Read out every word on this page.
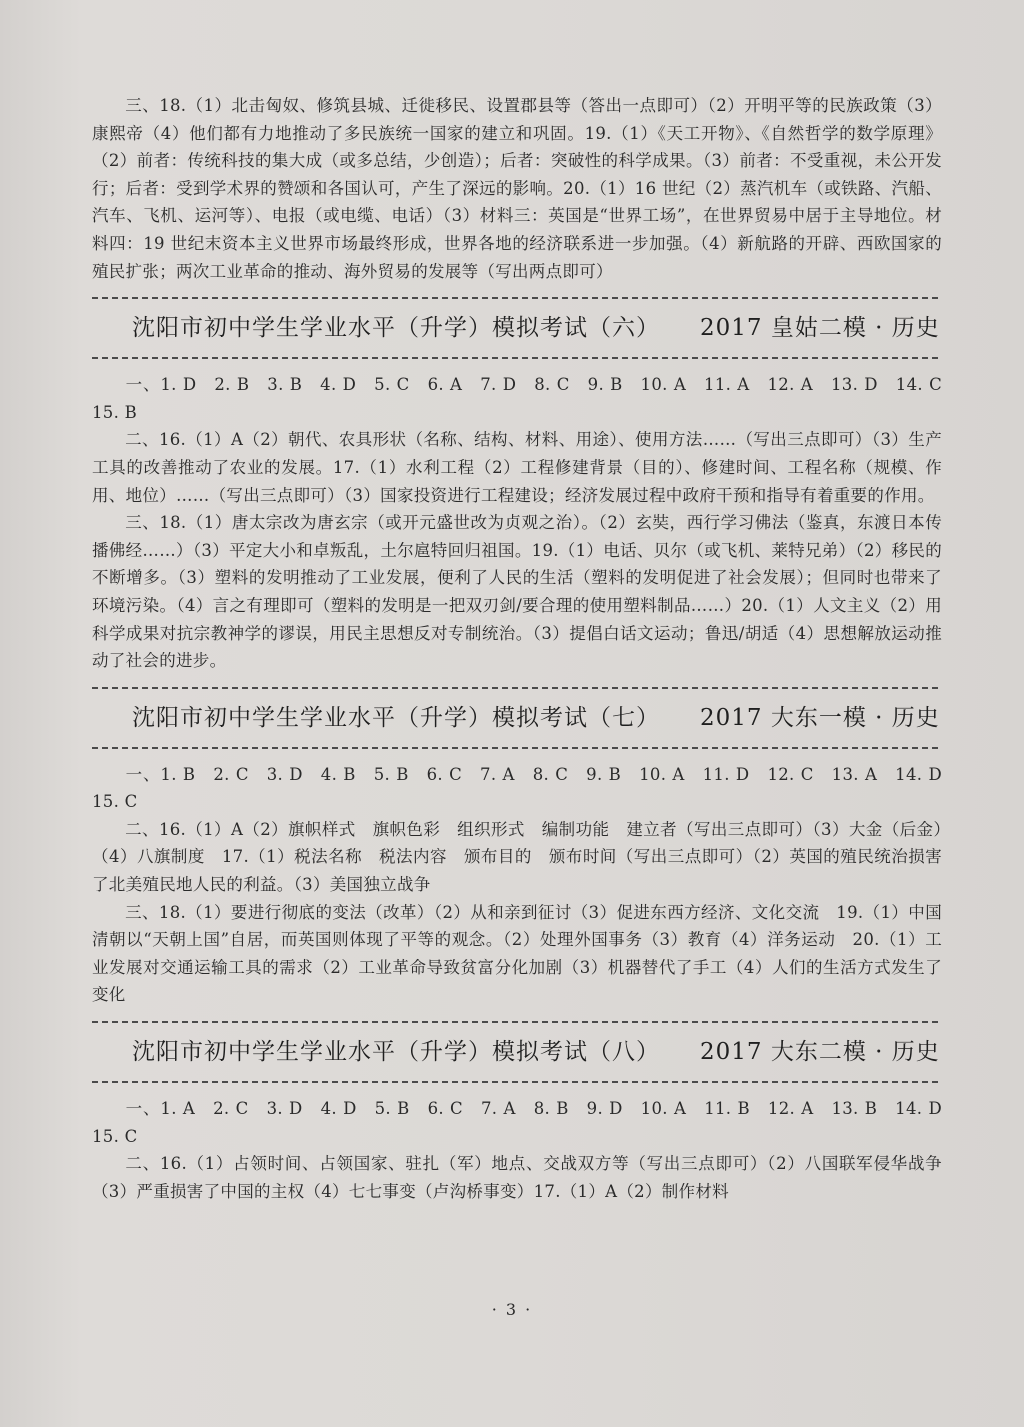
三、18.（1）北击匈奴、修筑县城、迁徙移民、设置郡县等（答出一点即可）（2）开明平等的民族政策（3）康熙帝（4）他们都有力地推动了多民族统一国家的建立和巩固。19.（1）《天工开物》、《自然哲学的数学原理》（2）前者：传统科技的集大成（或多总结，少创造）；后者：突破性的科学成果。（3）前者：不受重视，未公开发行；后者：受到学术界的赞颂和各国认可，产生了深远的影响。20.（1）16 世纪（2）蒸汽机车（或铁路、汽船、汽车、飞机、运河等）、电报（或电缆、电话）（3）材料三：英国是“世界工场”，在世界贸易中居于主导地位。材料四：19 世纪末资本主义世界市场最终形成，世界各地的经济联系进一步加强。（4）新航路的开辟、西欧国家的殖民扩张；两次工业革命的推动、海外贸易的发展等（写出两点即可）

沈阳市初中学生学业水平（升学）模拟考试（六） 2017 皇姑二模 · 历史

一、1. D　2. B　3. B　4. D　5. C　6. A　7. D　8. C　9. B　10. A　11. A　12. A　13. D　14. C　15. B

二、16.（1）A（2）朝代、农具形状（名称、结构、材料、用途）、使用方法……（写出三点即可）（3）生产工具的改善推动了农业的发展。17.（1）水利工程（2）工程修建背景（目的）、修建时间、工程名称（规模、作用、地位）……（写出三点即可）（3）国家投资进行工程建设；经济发展过程中政府干预和指导有着重要的作用。

三、18.（1）唐太宗改为唐玄宗（或开元盛世改为贞观之治）。（2）玄奘，西行学习佛法（鉴真，东渡日本传播佛经……）（3）平定大小和卓叛乱，土尔扈特回归祖国。19.（1）电话、贝尔（或飞机、莱特兄弟）（2）移民的不断增多。（3）塑料的发明推动了工业发展，便利了人民的生活（塑料的发明促进了社会发展）；但同时也带来了环境污染。（4）言之有理即可（塑料的发明是一把双刃剑/要合理的使用塑料制品……）20.（1）人文主义（2）用科学成果对抗宗教神学的谬误，用民主思想反对专制统治。（3）提倡白话文运动；鲁迅/胡适（4）思想解放运动推动了社会的进步。

沈阳市初中学生学业水平（升学）模拟考试（七） 2017 大东一模 · 历史

一、1. B　2. C　3. D　4. B　5. B　6. C　7. A　8. C　9. B　10. A　11. D　12. C　13. A　14. D　15. C

二、16.（1）A（2）旗帜样式　旗帜色彩　组织形式　编制功能　建立者（写出三点即可）（3）大金（后金）（4）八旗制度　17.（1）税法名称　税法内容　颁布目的　颁布时间（写出三点即可）（2）英国的殖民统治损害了北美殖民地人民的利益。（3）美国独立战争

三、18.（1）要进行彻底的变法（改革）（2）从和亲到征讨（3）促进东西方经济、文化交流　19.（1）中国清朝以“天朝上国”自居，而英国则体现了平等的观念。（2）处理外国事务（3）教育（4）洋务运动　20.（1）工业发展对交通运输工具的需求（2）工业革命导致贫富分化加剧（3）机器替代了手工（4）人们的生活方式发生了变化

沈阳市初中学生学业水平（升学）模拟考试（八） 2017 大东二模 · 历史

一、1. A　2. C　3. D　4. D　5. B　6. C　7. A　8. B　9. D　10. A　11. B　12. A　13. B　14. D　15. C

二、16.（1）占领时间、占领国家、驻扎（军）地点、交战双方等（写出三点即可）（2）八国联军侵华战争（3）严重损害了中国的主权（4）七七事变（卢沟桥事变）17.（1）A（2）制作材料

· 3 ·
